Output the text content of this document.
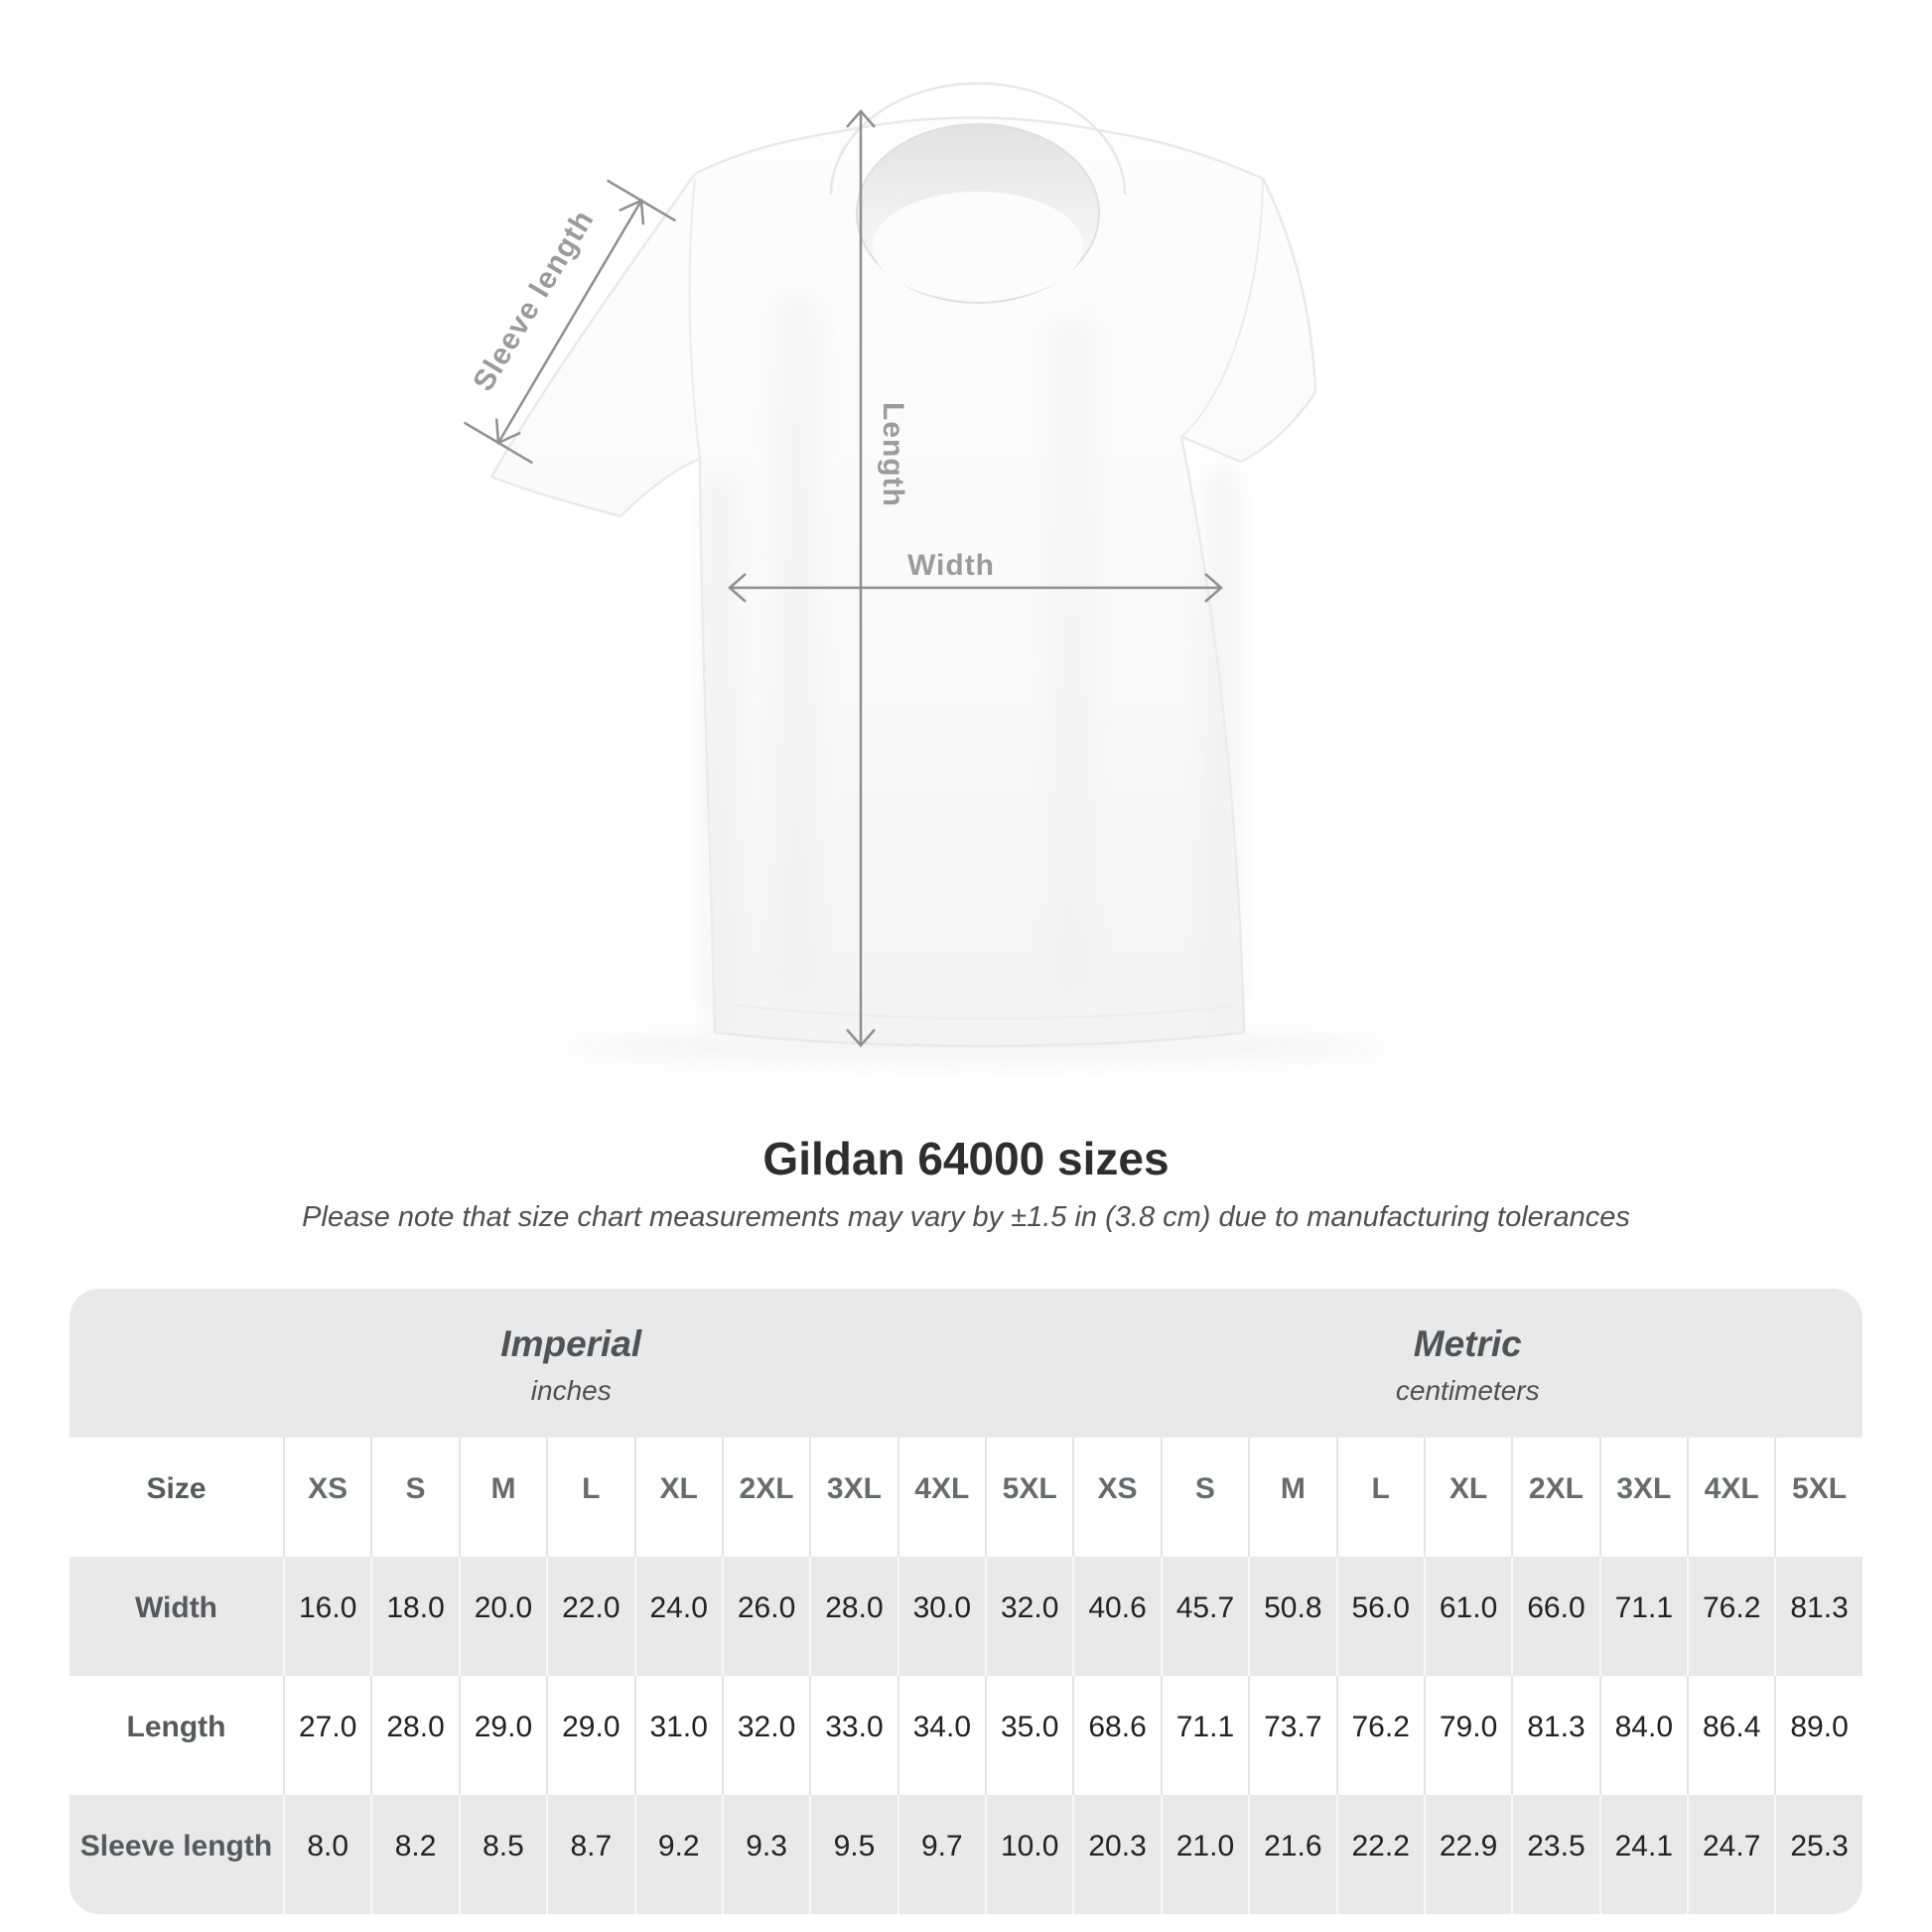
Sleeve length
Length
Width
Gildan 64000 sizes
Please note that size chart measurements may vary by ±1.5 in (3.8 cm) due to manufacturing tolerances
Imperial
inches
Metric
centimeters
Size	XS	S	M	L	XL	2XL	3XL	4XL	5XL	XS	S	M	L	XL	2XL	3XL	4XL	5XL
Width	16.0 18.0 20.0 22.0 24.0 26.0 28.0 30.0 32.0 40.6 45.7 50.8 56.0 61.0 66.0 71.1 76.2 81.3
Length	27.0 28.0 29.0 29.0 31.0 32.0 33.0 34.0 35.0 68.6 71.1 73.7 76.2 79.0 81.3 84.0 86.4 89.0
Sleeve length	8.0	8.2	8.5	8.7	9.2	9.3	9.5	9.7	10.0 20.3 21.0 21.6 22.2 22.9 23.5 24.1 24.7 25.3
